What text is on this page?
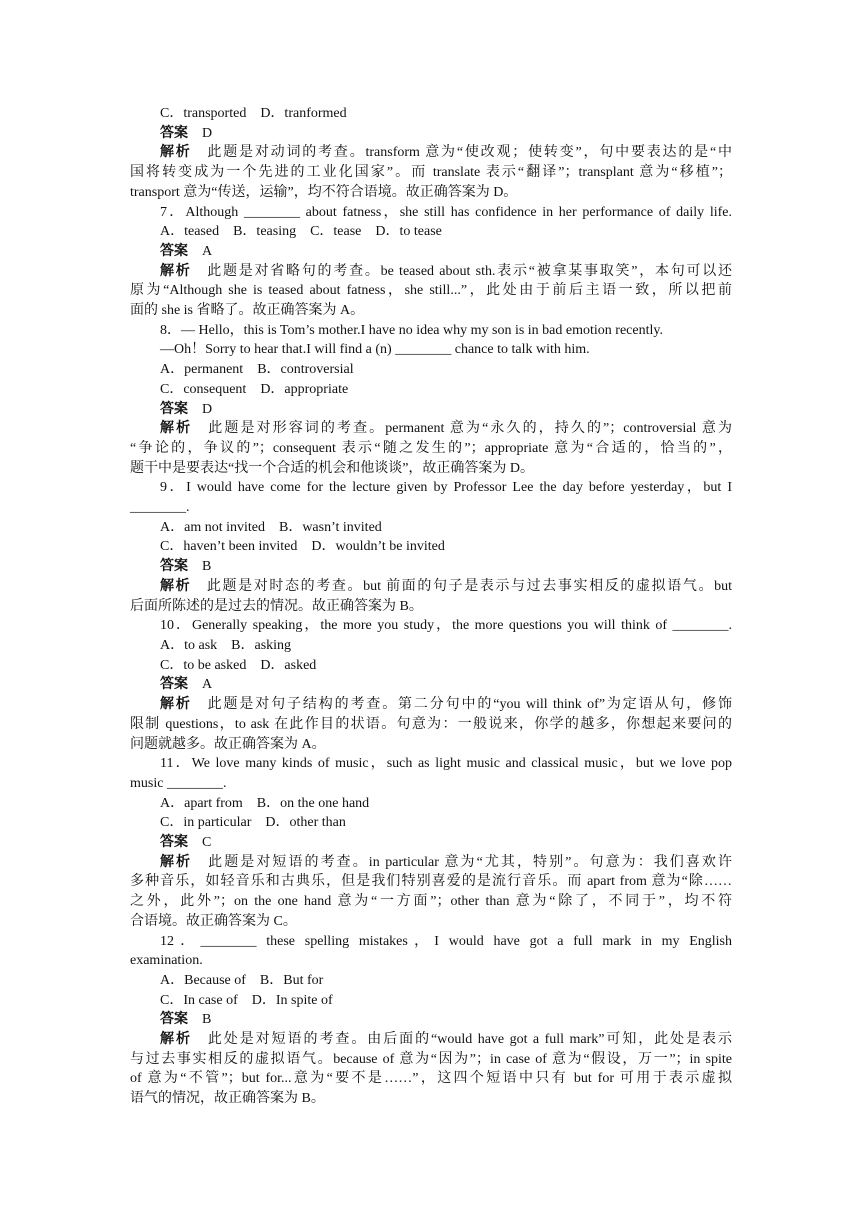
C．transported　D．tranformed
答案　D
解析　此题是对动词的考查。transform 意为“使改观；使转变”，句中要表达的是“中
国将转变成为一个先进的工业化国家”。而 translate 表示“翻译”；transplant 意为“移植”；
transport 意为“传送，运输”，均不符合语境。故正确答案为 D。
7．Although ________ about fatness，she still has confidence in her performance of daily life.
A．teased　B．teasing　C．tease　D．to tease
答案　A
解析　此题是对省略句的考查。be teased about sth.表示“被拿某事取笑”，本句可以还
原为“Although she is teased about fatness，she still...”，此处由于前后主语一致，所以把前
面的 she is 省略了。故正确答案为 A。
8．— Hello，this is Tom’s mother.I have no idea why my son is in bad emotion recently.
—Oh！Sorry to hear that.I will find a (n) ________ chance to talk with him.
A．permanent　B．controversial
C．consequent　D．appropriate
答案　D
解析　此题是对形容词的考查。permanent 意为“永久的，持久的”；controversial 意为
“争论的，争议的”；consequent 表示“随之发生的”；appropriate 意为“合适的，恰当的”，
题干中是要表达“找一个合适的机会和他谈谈”，故正确答案为 D。
9．I would have come for the lecture given by Professor Lee the day before yesterday，but I
________.
A．am not invited　B．wasn’t invited
C．haven’t been invited　D．wouldn’t be invited
答案　B
解析　此题是对时态的考查。but 前面的句子是表示与过去事实相反的虚拟语气。but
后面所陈述的是过去的情况。故正确答案为 B。
10．Generally speaking，the more you study，the more questions you will think of ________.
A．to ask　B．asking
C．to be asked　D．asked
答案　A
解析　此题是对句子结构的考查。第二分句中的“you will think of”为定语从句，修饰
限制 questions，to ask 在此作目的状语。句意为：一般说来，你学的越多，你想起来要问的
问题就越多。故正确答案为 A。
11．We love many kinds of music，such as light music and classical music，but we love pop
music ________.
A．apart from　B．on the one hand
C．in particular　D．other than
答案　C
解析　此题是对短语的考查。in particular 意为“尤其，特别”。句意为：我们喜欢许
多种音乐，如轻音乐和古典乐，但是我们特别喜爱的是流行音乐。而 apart from 意为“除……
之外，此外”；on the one hand 意为“一方面”；other than 意为“除了，不同于”，均不符
合语境。故正确答案为 C。
12．________ these spelling mistakes，I would have got a full mark in my English
examination.
A．Because of　B．But for
C．In case of　D．In spite of
答案　B
解析　此处是对短语的考查。由后面的“would have got a full mark”可知，此处是表示
与过去事实相反的虚拟语气。because of 意为“因为”；in case of 意为“假设，万一”；in spite
of 意为“不管”；but for...意为“要不是……”，这四个短语中只有 but for 可用于表示虚拟
语气的情况，故正确答案为 B。
